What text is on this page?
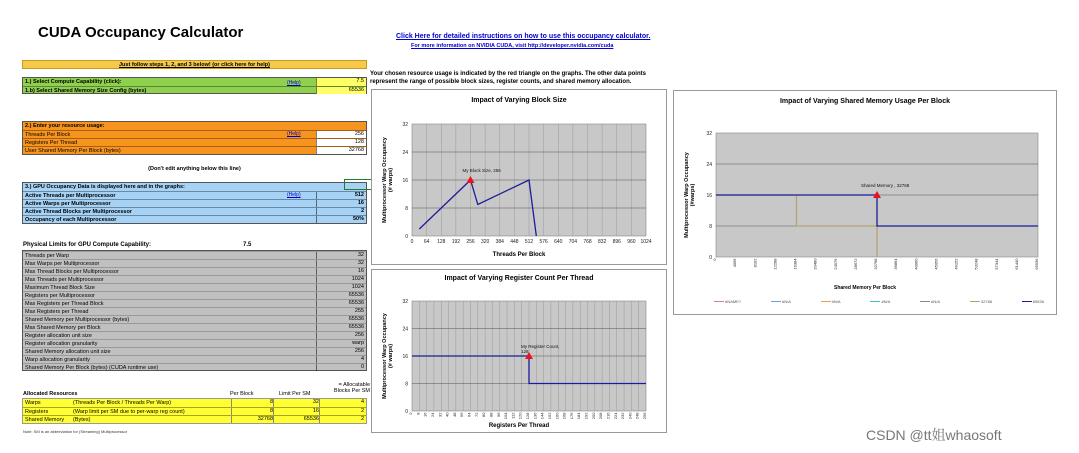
CUDA Occupancy Calculator
Just follow steps 1, 2, and 3 below! (or click here for help)
1.) Select Compute Capability (click):	7.5
1.b) Select Shared Memory Size Config (bytes)	65536
(Help)
2.) Enter your resource usage:
Threads Per Block	256
Registers Per Thread	128
User Shared Memory Per Block (bytes)	32768
(Help)
(Don't edit anything below this line)
3.) GPU Occupancy Data is displayed here and in the graphs:
Active Threads per Multiprocessor	512
Active Warps per Multiprocessor	16
Active Thread Blocks per Multiprocessor	2
Occupancy of each Multiprocessor	50%
(Help)
Physical Limits for GPU Compute Capability:	7.5
Threads per Warp	32
Max Warps per Multiprocessor	32
Max Thread Blocks per Multiprocessor	16
Max Threads per Multiprocessor	1024
Maximum Thread Block Size	1024
Registers per Multiprocessor	65536
Max Registers per Thread Block	65536
Max Registers per Thread	255
Shared Memory per Multiprocessor (bytes)	65536
Max Shared Memory per Block	65536
Register allocation unit size	256
Register allocation granularity	warp
Shared Memory allocation unit size	256
Warp allocation granularity	4
Shared Memory Per Block (bytes) (CUDA runtime use)	0
= Allocatable
Blocks Per SM
Allocated Resources	Per Block	Limit Per SM
Warps	(Threads Per Block / Threads Per Warp)	8	32	4
Registers	(Warp limit per SM due to per-warp reg count)	8	16	2
Shared Memory	(Bytes)	32768	65536	2
Note: SM is an abbreviation for (Streaming) Multiprocessor
Click Here for detailed instructions on how to use this occupancy calculator.
For more information on NVIDIA CUDA, visit http://developer.nvidia.com/cuda
Your chosen resource usage is indicated by the red triangle on the graphs. The other data points represent the range of possible block sizes, register counts, and shared memory allocation.
Impact of Varying Block Size
0 64 128 192 256 320 384 448 512 576 640 704 768 832 896 960 1024
0
8
16
24
32
Multiprocessor Warp Occupancy(# warps)	My Block Size, 256
Threads Per Block
Impact of Varying Register Count Per Thread
0 8 16 24 32 40 48 56 64 72 80 88 96 104 112 120 128 136 144 152 160 168 176 184 192 200 208 216 224 232 240 248 256
0
8
16
24
32
Multiprocessor Warp Occupancy(# warps)	My Register Count, 128
Registers Per Thread
Impact of Varying Shared Memory Usage Per Block
0	4096	8192	12288	16384	20480	24576	28672	32768	36864	40960	45056	49152	53248	57344	61440	65536
0
8
16
24
32
Multiprocessor Warp Occupancy(#warps)	Shared Memory , 32768
Shared Memory Per Block
#NAME?	#N/A	#N/A	#N/A	#N/A	32768	65536
CSDN @tt姐whaosoft
